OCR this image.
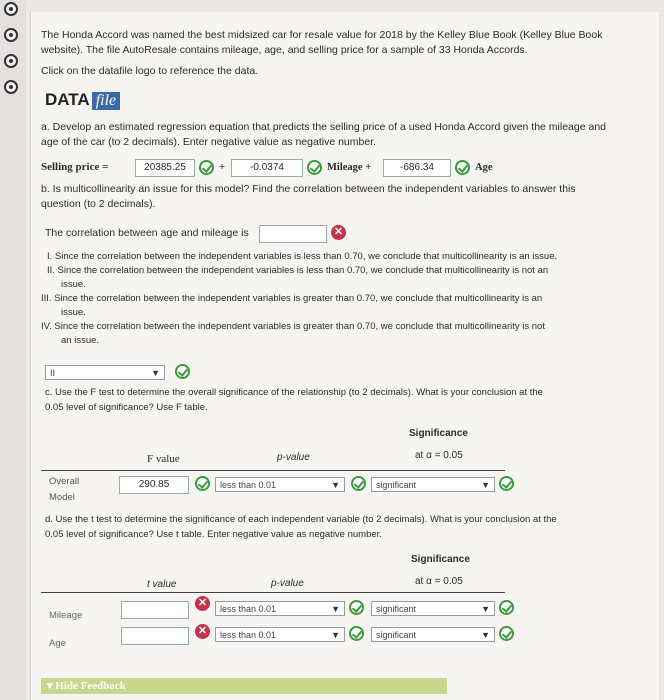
The Honda Accord was named the best midsized car for resale value for 2018 by the Kelley Blue Book (Kelley Blue Book
website). The file AutoResale contains mileage, age, and selling price for a sample of 33 Honda Accords.
Click on the datafile logo to reference the data.
DATA file
a. Develop an estimated regression equation that predicts the selling price of a used Honda Accord given the mileage and
age of the car (to 2 decimals). Enter negative value as negative number.
Selling price =	20385.25	+	-0.0374	Mileage +	-686.34	Age
b. Is multicollinearity an issue for this model? Find the correlation between the independent variables to answer this
question (to 2 decimals).
The correlation between age and mileage is	✕
I. Since the correlation between the independent variables is less than 0.70, we conclude that multicollinearity is an issue.
II. Since the correlation between the independent variables is less than 0.70, we conclude that multicollinearity is not an
issue.
III. Since the correlation between the independent variables is greater than 0.70, we conclude that multicollinearity is an
issue.
IV. Since the correlation between the independent variables is greater than 0.70, we conclude that multicollinearity is not
an issue.
II	▼
c. Use the F test to determine the overall significance of the relationship (to 2 decimals). What is your conclusion at the
0.05 level of significance? Use F table.
Significance
F value	p-value	at α = 0.05
Overall
Model
290.85	less than 0.01	▼	significant	▼
d. Use the t test to determine the significance of each independent variable (to 2 decimals). What is your conclusion at the
0.05 level of significance? Use t table. Enter negative value as negative number.
Significance
t value	p-value	at α = 0.05
Mileage
✕	less than 0.01	▼	significant	▼
Age
✕	less than 0.01	▼	significant	▼
▾ Hide Feedback
